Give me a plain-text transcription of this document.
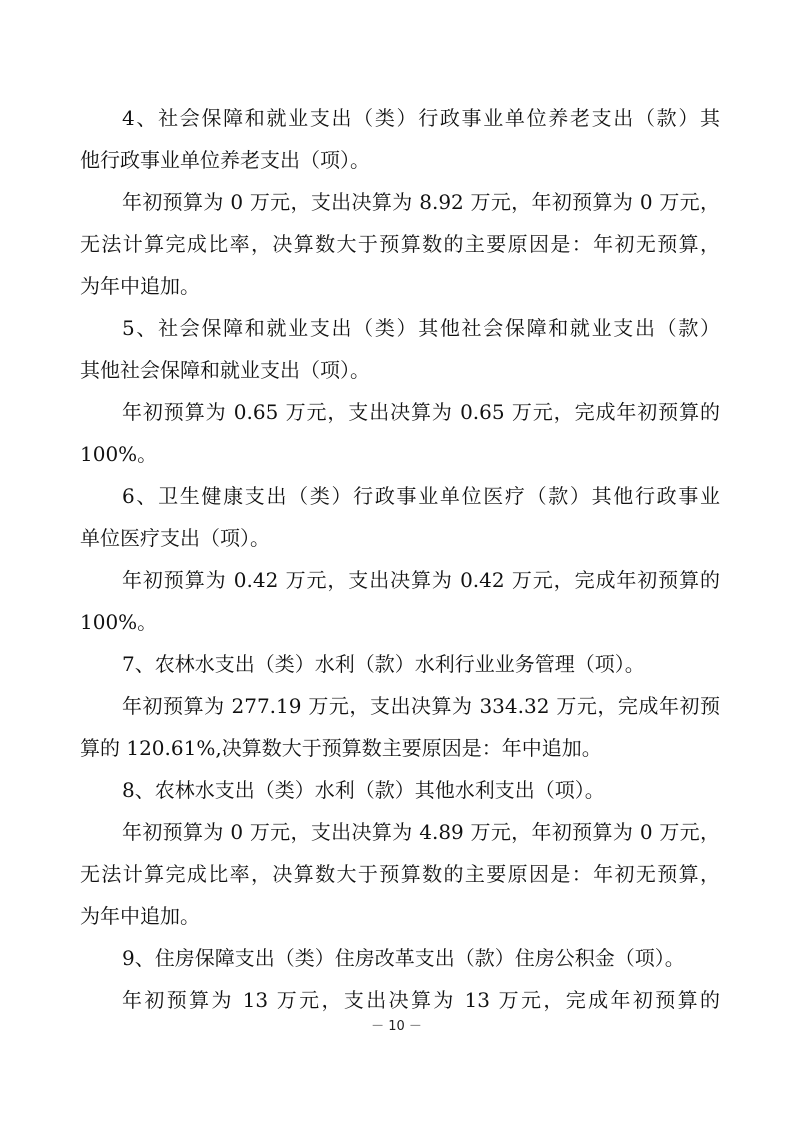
4、社会保障和就业支出（类）行政事业单位养老支出（款）其
他行政事业单位养老支出（项）。
年初预算为 0 万元，支出决算为 8.92 万元，年初预算为 0 万元，
无法计算完成比率，决算数大于预算数的主要原因是：年初无预算，
为年中追加。
5、社会保障和就业支出（类）其他社会保障和就业支出（款）
其他社会保障和就业支出（项）。
年初预算为 0.65 万元，支出决算为 0.65 万元，完成年初预算的
100%。
6、卫生健康支出（类）行政事业单位医疗（款）其他行政事业
单位医疗支出（项）。
年初预算为 0.42 万元，支出决算为 0.42 万元，完成年初预算的
100%。
7、农林水支出（类）水利（款）水利行业业务管理（项）。
年初预算为 277.19 万元，支出决算为 334.32 万元，完成年初预
算的 120.61%,决算数大于预算数主要原因是：年中追加。
8、农林水支出（类）水利（款）其他水利支出（项）。
年初预算为 0 万元，支出决算为 4.89 万元，年初预算为 0 万元，
无法计算完成比率，决算数大于预算数的主要原因是：年初无预算，
为年中追加。
9、住房保障支出（类）住房改革支出（款）住房公积金（项）。
年初预算为 13 万元，支出决算为 13 万元，完成年初预算的
－ 10 －
